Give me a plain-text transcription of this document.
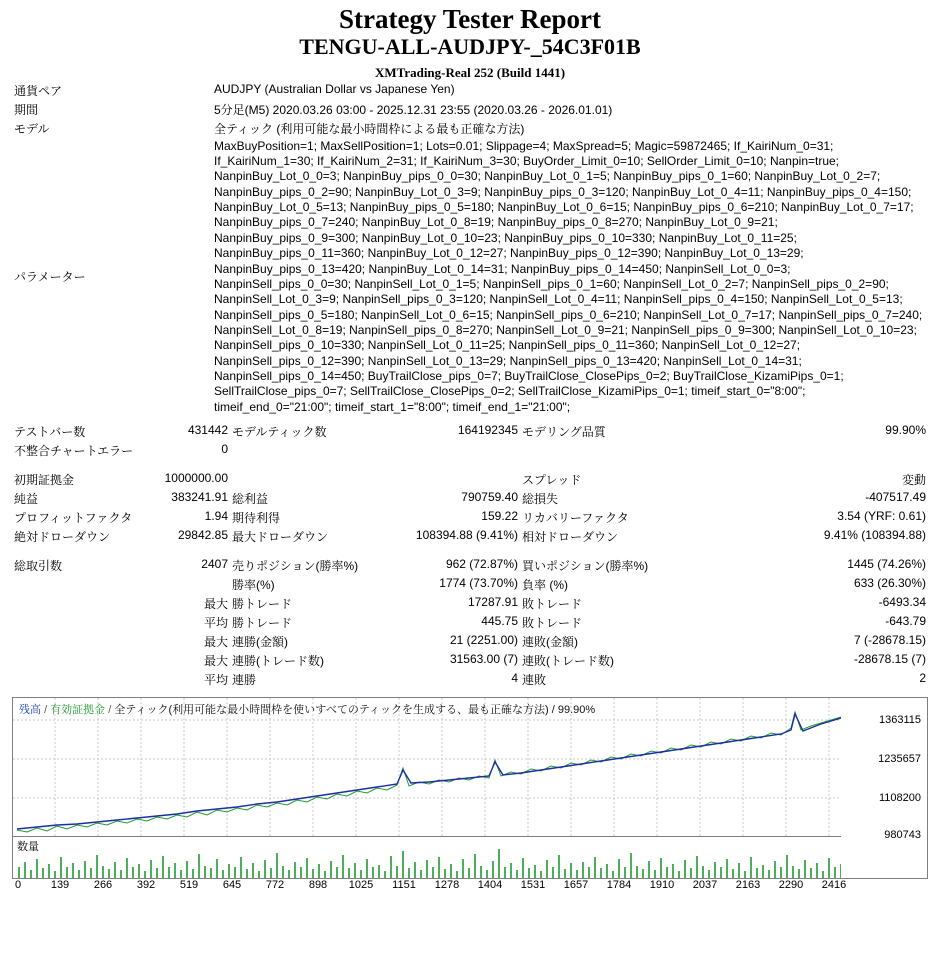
Strategy Tester Report
TENGU-ALL-AUDJPY-_54C3F01B
XMTrading-Real 252 (Build 1441)
通貨ペア	AUDJPY (Australian Dollar vs Japanese Yen)
期間	5分足(M5) 2020.03.26 03:00 - 2025.12.31 23:55 (2020.03.26 - 2026.01.01)
モデル	全ティック (利用可能な最小時間枠による最も正確な方法)
パラメーター	
MaxBuyPosition=1; MaxSellPosition=1; Lots=0.01; Slippage=4; MaxSpread=5; Magic=59872465; If_KairiNum_0=31;
If_KairiNum_1=30; If_KairiNum_2=31; If_KairiNum_3=30; BuyOrder_Limit_0=10; SellOrder_Limit_0=10; Nanpin=true;
NanpinBuy_Lot_0_0=3; NanpinBuy_pips_0_0=30; NanpinBuy_Lot_0_1=5; NanpinBuy_pips_0_1=60; NanpinBuy_Lot_0_2=7;
NanpinBuy_pips_0_2=90; NanpinBuy_Lot_0_3=9; NanpinBuy_pips_0_3=120; NanpinBuy_Lot_0_4=11; NanpinBuy_pips_0_4=150;
NanpinBuy_Lot_0_5=13; NanpinBuy_pips_0_5=180; NanpinBuy_Lot_0_6=15; NanpinBuy_pips_0_6=210; NanpinBuy_Lot_0_7=17;
NanpinBuy_pips_0_7=240; NanpinBuy_Lot_0_8=19; NanpinBuy_pips_0_8=270; NanpinBuy_Lot_0_9=21;
NanpinBuy_pips_0_9=300; NanpinBuy_Lot_0_10=23; NanpinBuy_pips_0_10=330; NanpinBuy_Lot_0_11=25;
NanpinBuy_pips_0_11=360; NanpinBuy_Lot_0_12=27; NanpinBuy_pips_0_12=390; NanpinBuy_Lot_0_13=29;
NanpinBuy_pips_0_13=420; NanpinBuy_Lot_0_14=31; NanpinBuy_pips_0_14=450; NanpinSell_Lot_0_0=3;
NanpinSell_pips_0_0=30; NanpinSell_Lot_0_1=5; NanpinSell_pips_0_1=60; NanpinSell_Lot_0_2=7; NanpinSell_pips_0_2=90;
NanpinSell_Lot_0_3=9; NanpinSell_pips_0_3=120; NanpinSell_Lot_0_4=11; NanpinSell_pips_0_4=150; NanpinSell_Lot_0_5=13;
NanpinSell_pips_0_5=180; NanpinSell_Lot_0_6=15; NanpinSell_pips_0_6=210; NanpinSell_Lot_0_7=17; NanpinSell_pips_0_7=240;
NanpinSell_Lot_0_8=19; NanpinSell_pips_0_8=270; NanpinSell_Lot_0_9=21; NanpinSell_pips_0_9=300; NanpinSell_Lot_0_10=23;
NanpinSell_pips_0_10=330; NanpinSell_Lot_0_11=25; NanpinSell_pips_0_11=360; NanpinSell_Lot_0_12=27;
NanpinSell_pips_0_12=390; NanpinSell_Lot_0_13=29; NanpinSell_pips_0_13=420; NanpinSell_Lot_0_14=31;
NanpinSell_pips_0_14=450; BuyTrailClose_pips_0=7; BuyTrailClose_ClosePips_0=2; BuyTrailClose_KizamiPips_0=1;
SellTrailClose_pips_0=7; SellTrailClose_ClosePips_0=2; SellTrailClose_KizamiPips_0=1; timeif_start_0="8:00";
timeif_end_0="21:00"; timeif_start_1="8:00"; timeif_end_1="21:00";
テストバー数	431442	モデルティック数	164192345	モデリング品質	99.90%
不整合チャートエラー	0				

初期証拠金	1000000.00			スプレッド	変動
純益	383241.91	総利益	790759.40	総損失	-407517.49
プロフィットファクタ	1.94	期待利得	159.22	リカバリーファクタ	3.54 (YRF: 0.61)
絶対ドローダウン	29842.85	最大ドローダウン	108394.88 (9.41%)	相対ドローダウン	9.41% (108394.88)

総取引数	2407	売りポジション(勝率%)	962 (72.87%)	買いポジション(勝率%)	1445 (74.26%)
		勝率(%)	1774 (73.70%)	負率 (%)	633 (26.30%)
	最大	勝トレード	17287.91	敗トレード	-6493.34
	平均	勝トレード	445.75	敗トレード	-643.79
	最大	連勝(金額)	21 (2251.00)	連敗(金額)	7 (-28678.15)
	最大	連勝(トレード数)	31563.00 (7)	連敗(トレード数)	-28678.15 (7)
	平均	連勝	4	連敗	2
残高 / 有効証拠金 / 全ティック(利用可能な最小時間枠を使いすべてのティックを生成する、最も正確な方法) / 99.90%
1363115
1235657
1108200
980743
数量
0	139 266 392 519 645 772 898 1025 1151 1278 1404 1531 1657 1784 1910 2037 2163 2290 2416
